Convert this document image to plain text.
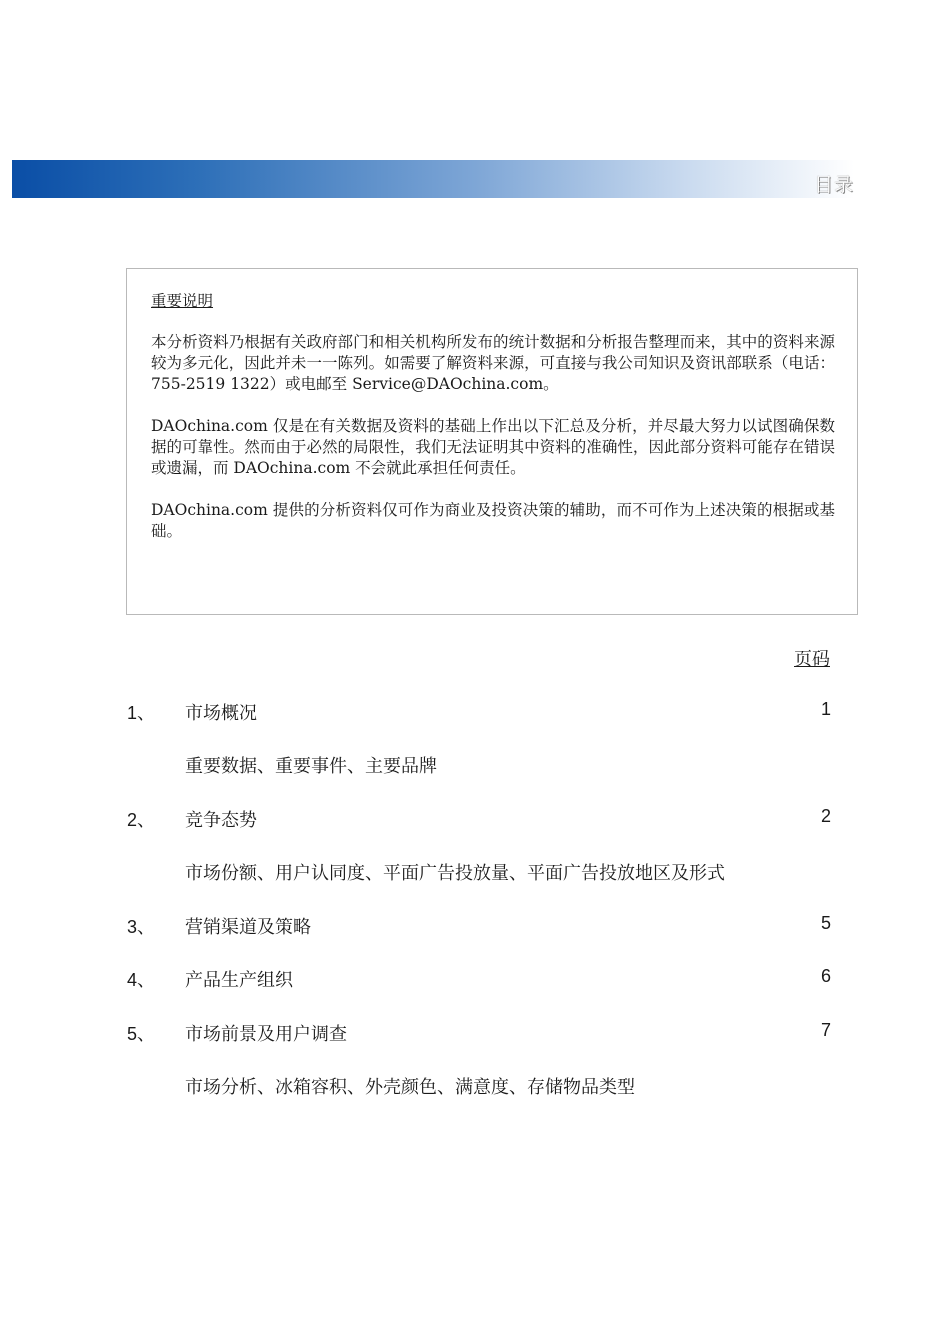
目录
重要说明

本分析资料乃根据有关政府部门和相关机构所发布的统计数据和分析报告整理而来，其中的资料来源较为多元化，因此并未一一陈列。如需要了解资料来源，可直接与我公司知识及资讯部联系（电话：755-2519 1322）或电邮至 Service@DAOchina.com。

DAOchina.com 仅是在有关数据及资料的基础上作出以下汇总及分析，并尽最大努力以试图确保数据的可靠性。然而由于必然的局限性，我们无法证明其中资料的准确性，因此部分资料可能存在错误或遗漏，而 DAOchina.com 不会就此承担任何责任。

DAOchina.com 提供的分析资料仅可作为商业及投资决策的辅助，而不可作为上述决策的根据或基础。

页码
1、 市场概况	1
重要数据、重要事件、主要品牌
2、 竞争态势	2
市场份额、用户认同度、平面广告投放量、平面广告投放地区及形式
3、 营销渠道及策略	5
4、 产品生产组织	6
5、 市场前景及用户调查	7
市场分析、冰箱容积、外壳颜色、满意度、存储物品类型
